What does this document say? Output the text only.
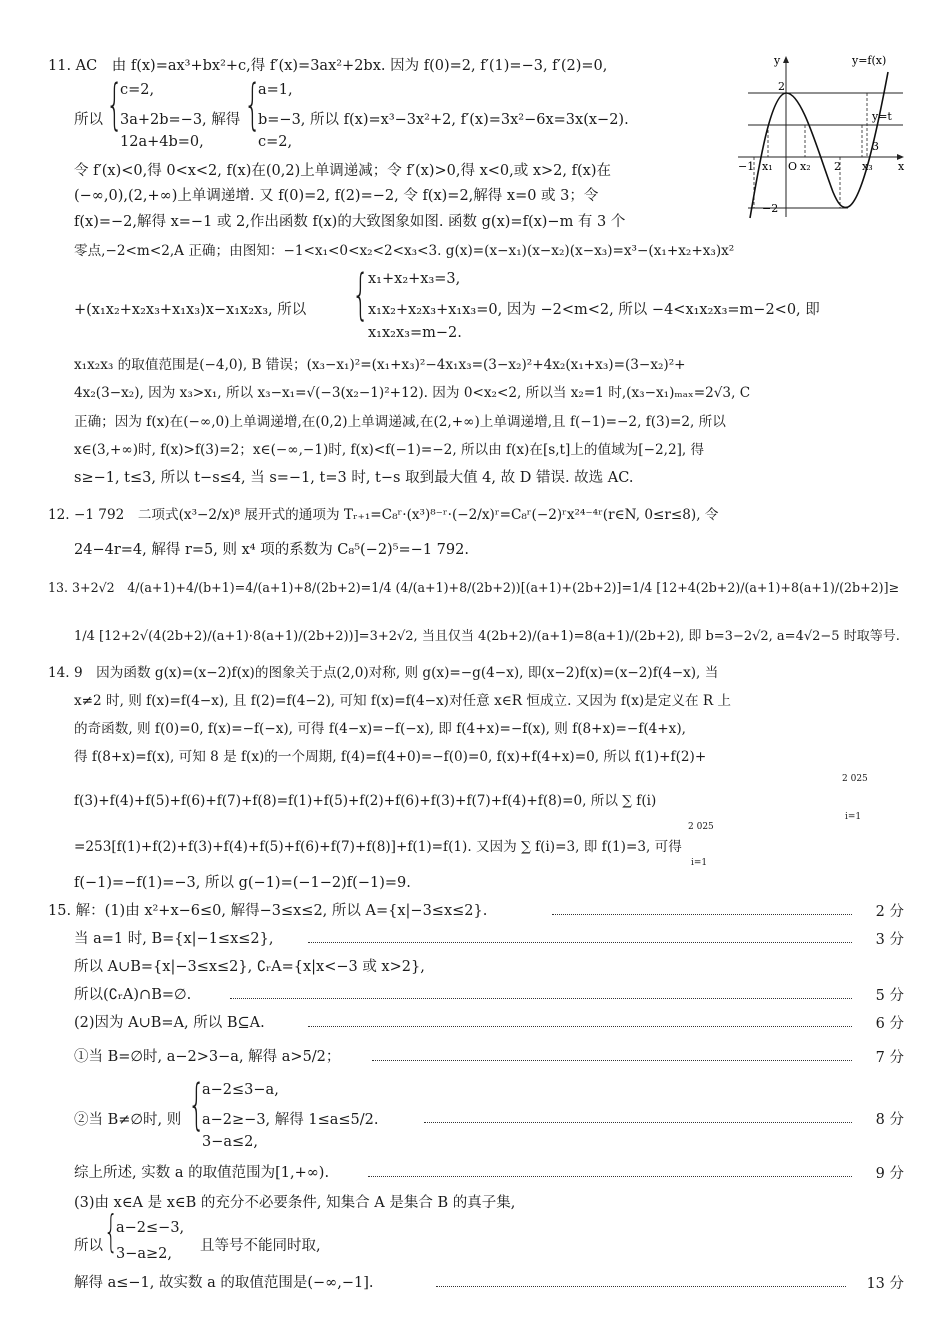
11. AC　由 f(x)=ax³+bx²+c,得 f′(x)=3ax²+2bx. 因为 f(0)=2, f′(1)=−3, f′(2)=0,
所以 {
c=2,
3a+2b=−3, 解得
12a+4b=0,
{
a=1,
b=−3, 所以 f(x)=x³−3x²+2, f′(x)=3x²−6x=3x(x−2).
c=2,
令 f′(x)<0,得 0<x<2, f(x)在(0,2)上单调递减；令 f′(x)>0,得 x<0,或 x>2, f(x)在
(−∞,0),(2,+∞)上单调递增. 又 f(0)=2, f(2)=−2, 令 f(x)=2,解得 x=0 或 3；令
f(x)=−2,解得 x=−1 或 2,作出函数 f(x)的大致图象如图. 函数 g(x)=f(x)−m 有 3 个
零点,−2<m<2,A 正确；由图知：−1<x₁<0<x₂<2<x₃<3. g(x)=(x−x₁)(x−x₂)(x−x₃)=x³−(x₁+x₂+x₃)x²
+(x₁x₂+x₂x₃+x₁x₃)x−x₁x₂x₃, 所以 {
x₁+x₂+x₃=3,
x₁x₂+x₂x₃+x₁x₃=0, 因为 −2<m<2, 所以 −4<x₁x₂x₃=m−2<0, 即
x₁x₂x₃=m−2.
x₁x₂x₃ 的取值范围是(−4,0), B 错误；(x₃−x₁)²=(x₁+x₃)²−4x₁x₃=(3−x₂)²+4x₂(x₁+x₃)=(3−x₂)²+
4x₂(3−x₂), 因为 x₃>x₁, 所以 x₃−x₁=√(−3(x₂−1)²+12). 因为 0<x₂<2, 所以当 x₂=1 时,(x₃−x₁)ₘₐₓ=2√3, C
正确；因为 f(x)在(−∞,0)上单调递增,在(0,2)上单调递减,在(2,+∞)上单调递增,且 f(−1)=−2, f(3)=2, 所以
x∈(3,+∞)时, f(x)>f(3)=2；x∈(−∞,−1)时, f(x)<f(−1)=−2, 所以由 f(x)在[s,t]上的值域为[−2,2], 得
s≥−1, t≤3, 所以 t−s≤4, 当 s=−1, t=3 时, t−s 取到最大值 4, 故 D 错误. 故选 AC.
y	y=f(x)
y=t
x
O
2
−2
−1	2
3
x₁ x₂	x₃
12. −1 792　二项式(x³−2/x)⁸ 展开式的通项为 Tᵣ₊₁=C₈ʳ·(x³)⁸⁻ʳ·(−2/x)ʳ=C₈ʳ(−2)ʳx²⁴⁻⁴ʳ(r∈N, 0≤r≤8), 令
24−4r=4, 解得 r=5, 则 x⁴ 项的系数为 C₈⁵(−2)⁵=−1 792.
13. 3+2√2　4/(a+1)+4/(b+1)=4/(a+1)+8/(2b+2)=1/4 (4/(a+1)+8/(2b+2))[(a+1)+(2b+2)]=1/4 [12+4(2b+2)/(a+1)+8(a+1)/(2b+2)]≥
1/4 [12+2√(4(2b+2)/(a+1)·8(a+1)/(2b+2))]=3+2√2, 当且仅当 4(2b+2)/(a+1)=8(a+1)/(2b+2), 即 b=3−2√2, a=4√2−5 时取等号.
14. 9　因为函数 g(x)=(x−2)f(x)的图象关于点(2,0)对称, 则 g(x)=−g(4−x), 即(x−2)f(x)=(x−2)f(4−x), 当
x≠2 时, 则 f(x)=f(4−x), 且 f(2)=f(4−2), 可知 f(x)=f(4−x)对任意 x∈R 恒成立. 又因为 f(x)是定义在 R 上
的奇函数, 则 f(0)=0, f(x)=−f(−x), 可得 f(4−x)=−f(−x), 即 f(4+x)=−f(x), 则 f(8+x)=−f(4+x),
得 f(8+x)=f(x), 可知 8 是 f(x)的一个周期, f(4)=f(4+0)=−f(0)=0, f(x)+f(4+x)=0, 所以 f(1)+f(2)+
f(3)+f(4)+f(5)+f(6)+f(7)+f(8)=f(1)+f(5)+f(2)+f(6)+f(3)+f(7)+f(4)+f(8)=0, 所以 ∑ f(i)
2 025
i=1
=253[f(1)+f(2)+f(3)+f(4)+f(5)+f(6)+f(7)+f(8)]+f(1)=f(1). 又因为 ∑ f(i)=3, 即 f(1)=3, 可得
2 025
i=1
f(−1)=−f(1)=−3, 所以 g(−1)=(−1−2)f(−1)=9.
15. 解：(1)由 x²+x−6≤0, 解得−3≤x≤2, 所以 A={x|−3≤x≤2}.	2 分
当 a=1 时, B={x|−1≤x≤2},	3 分
所以 A∪B={x|−3≤x≤2}, ∁ᵣA={x|x<−3 或 x>2},
所以(∁ᵣA)∩B=∅.	5 分
(2)因为 A∪B=A, 所以 B⊆A.	6 分
①当 B=∅时, a−2>3−a, 解得 a>5/2；	7 分
②当 B≠∅时, 则 {
a−2≤3−a,
a−2≥−3, 解得 1≤a≤5/2.
3−a≤2,
8 分
综上所述, 实数 a 的取值范围为[1,+∞).	9 分
(3)由 x∈A 是 x∈B 的充分不必要条件, 知集合 A 是集合 B 的真子集,
所以 {
a−2≤−3,
3−a≥2, 且等号不能同时取,
解得 a≤−1, 故实数 a 的取值范围是(−∞,−1].	13 分
